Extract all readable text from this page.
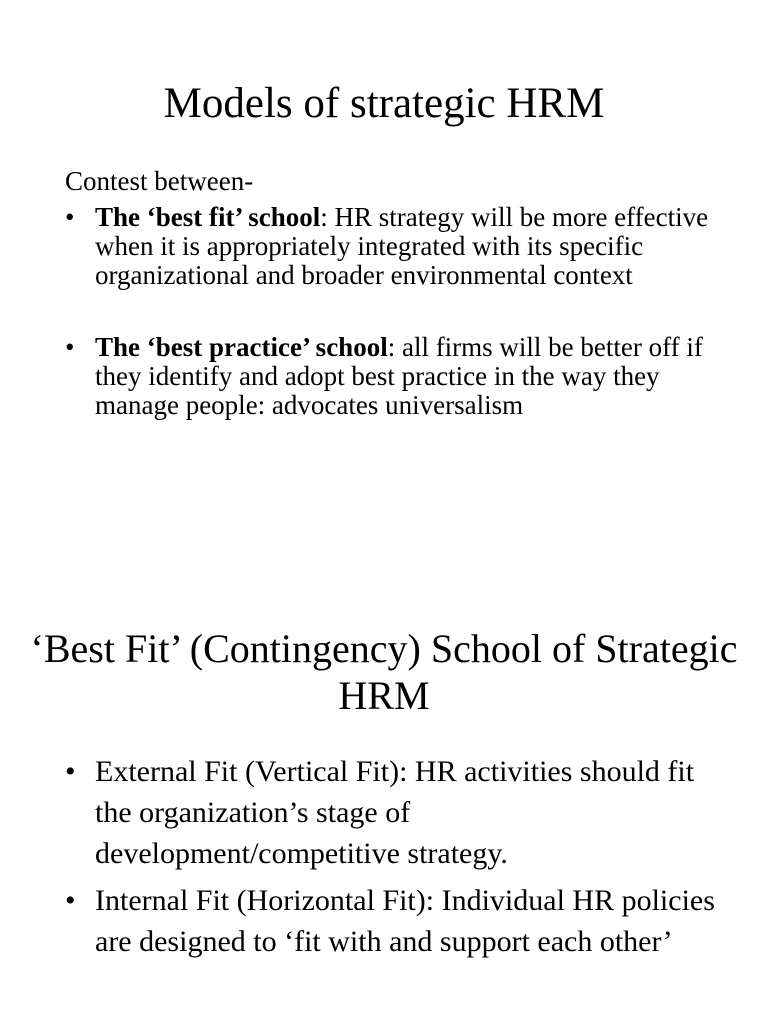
Models of strategic HRM
Contest between-
• The ‘best fit’ school: HR strategy will be more effective when it is appropriately integrated with its specific organizational and broader environmental context
• The ‘best practice’ school: all firms will be better off if they identify and adopt best practice in the way they manage people: advocates universalism
‘Best Fit’ (Contingency) School of Strategic HRM
• External Fit (Vertical Fit): HR activities should fit the organization’s stage of development/competitive strategy.
• Internal Fit (Horizontal Fit): Individual HR policies are designed to ‘fit with and support each other’
